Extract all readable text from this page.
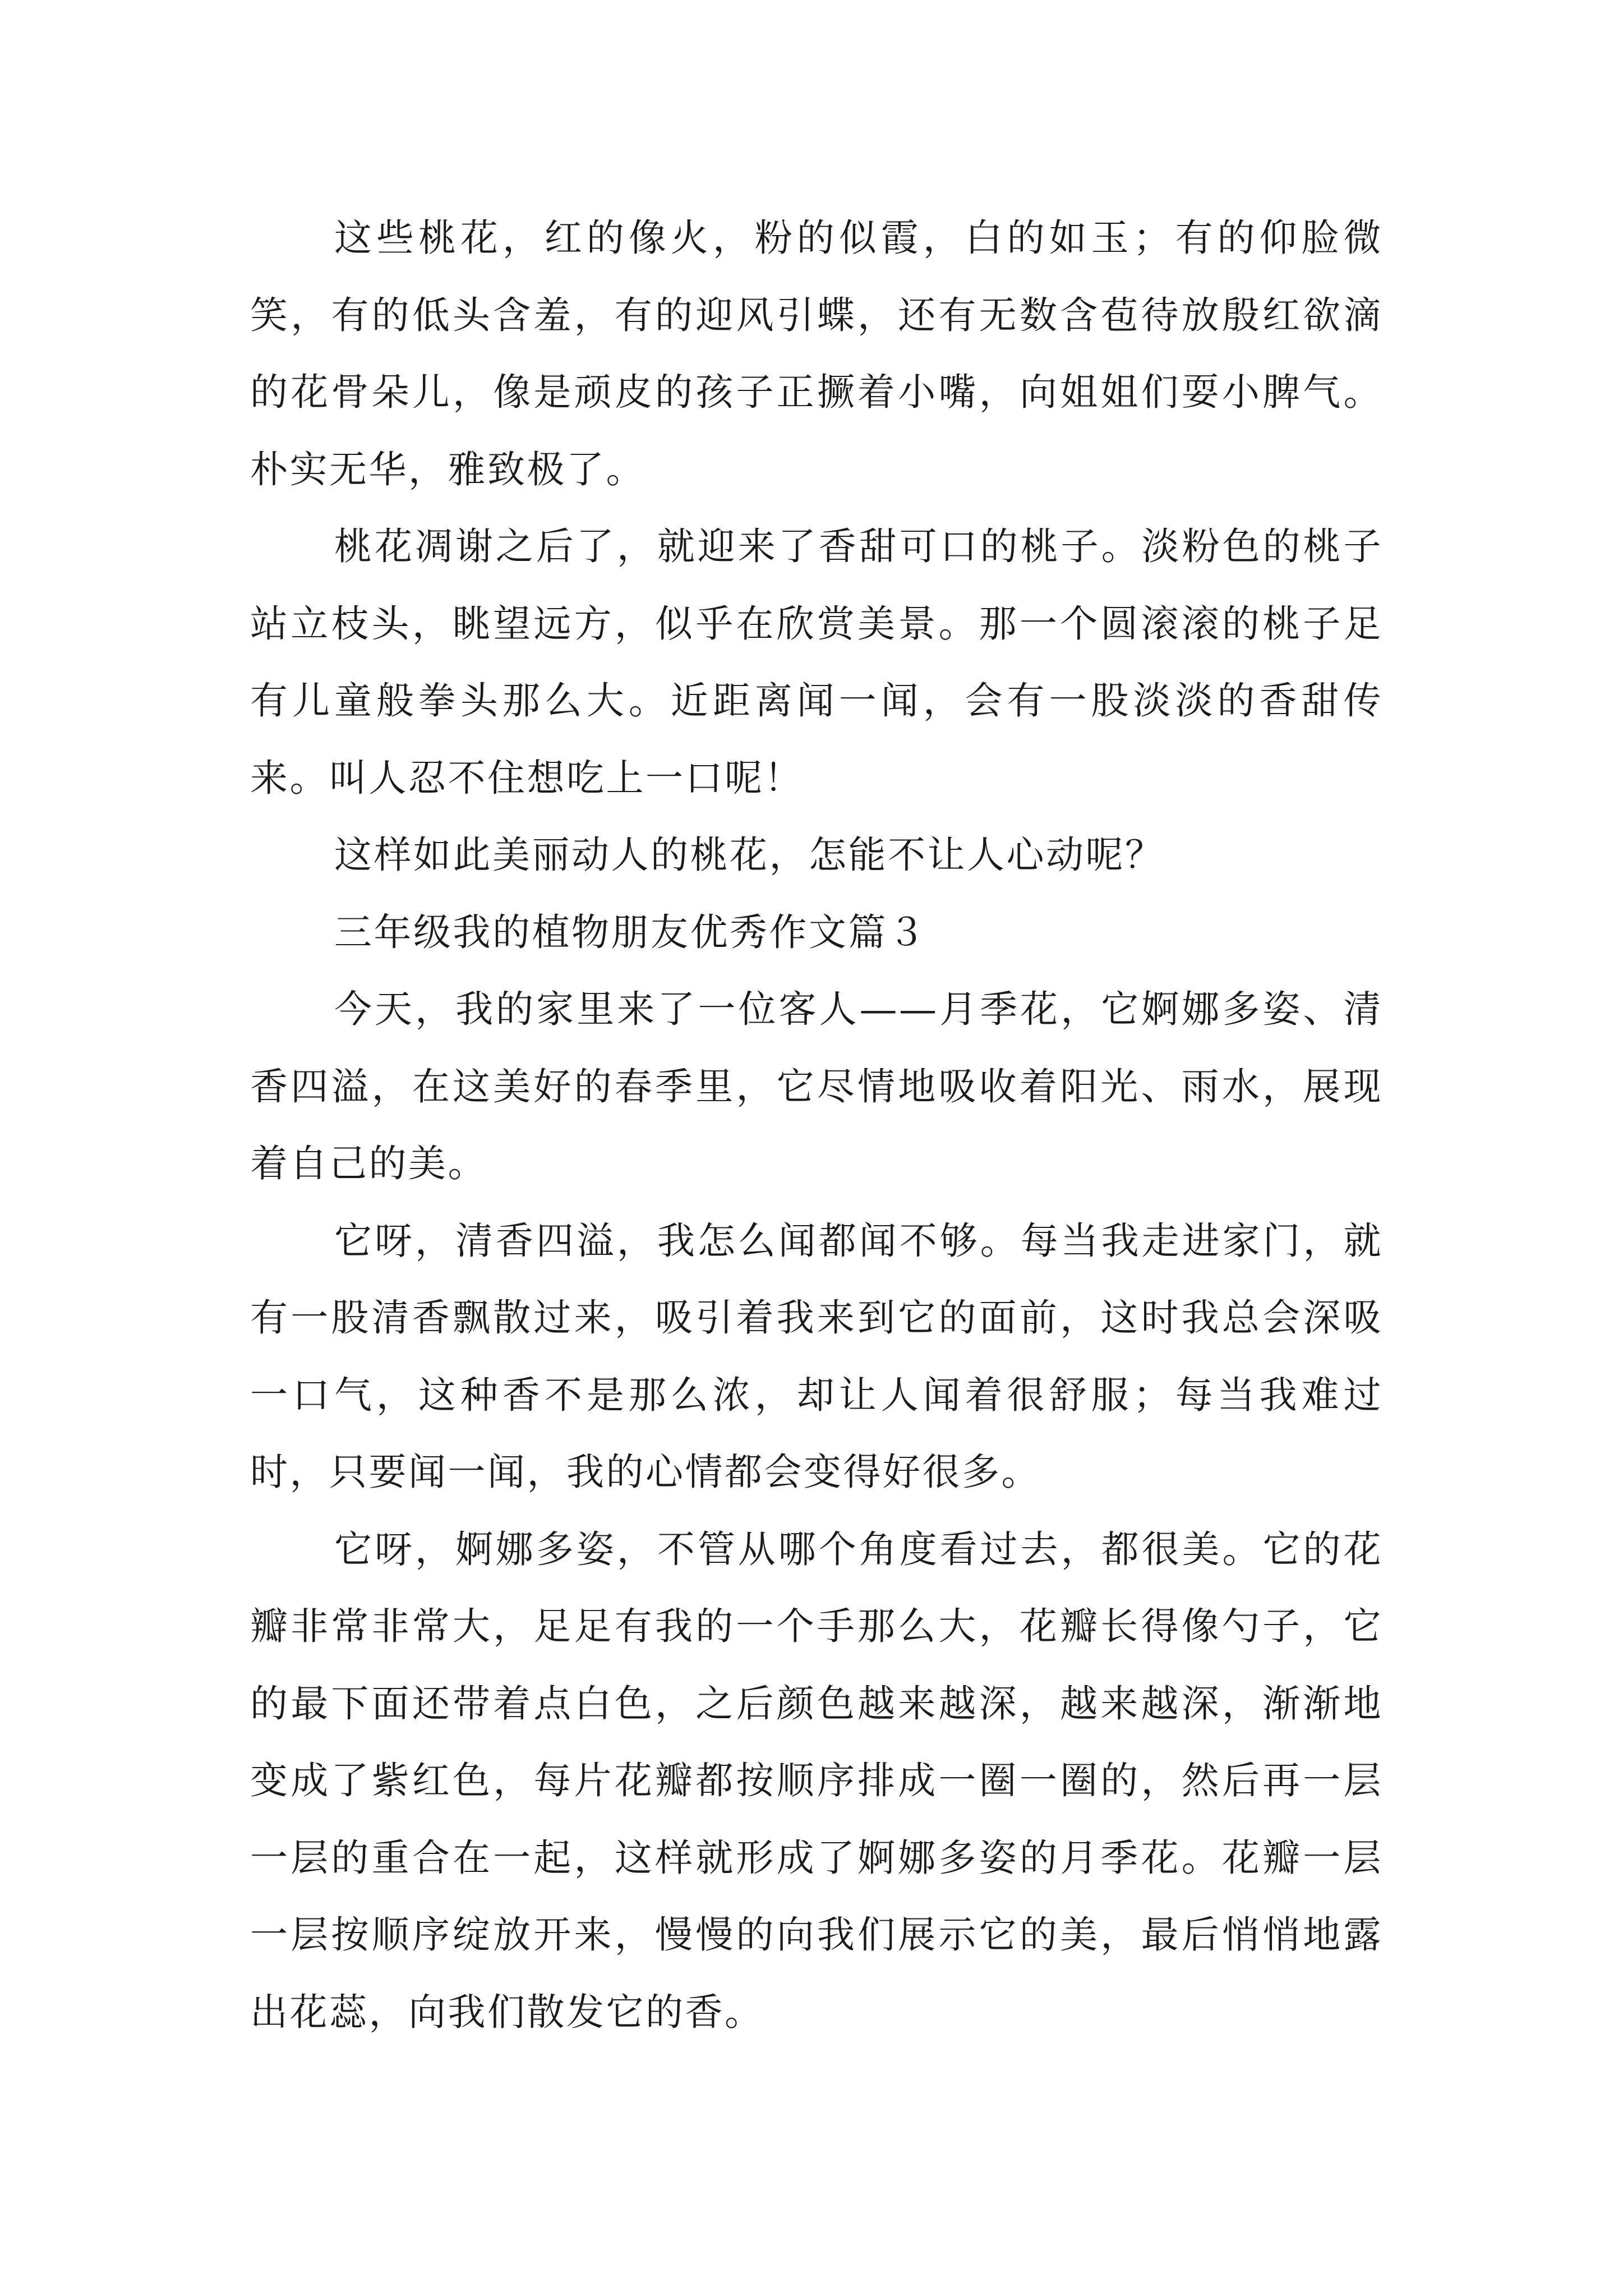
这些桃花，红的像火，粉的似霞，白的如玉；有的仰脸微笑，有的低头含羞，有的迎风引蝶，还有无数含苞待放殷红欲滴的花骨朵儿，像是顽皮的孩子正撅着小嘴，向姐姐们耍小脾气。朴实无华，雅致极了。

桃花凋谢之后了，就迎来了香甜可口的桃子。淡粉色的桃子站立枝头，眺望远方，似乎在欣赏美景。那一个圆滚滚的桃子足有儿童般拳头那么大。近距离闻一闻，会有一股淡淡的香甜传来。叫人忍不住想吃上一口呢！

这样如此美丽动人的桃花，怎能不让人心动呢？

三年级我的植物朋友优秀作文篇３

今天，我的家里来了一位客人——月季花，它婀娜多姿、清香四溢，在这美好的春季里，它尽情地吸收着阳光、雨水，展现着自己的美。

它呀，清香四溢，我怎么闻都闻不够。每当我走进家门，就有一股清香飘散过来，吸引着我来到它的面前，这时我总会深吸一口气，这种香不是那么浓，却让人闻着很舒服；每当我难过时，只要闻一闻，我的心情都会变得好很多。

它呀，婀娜多姿，不管从哪个角度看过去，都很美。它的花瓣非常非常大，足足有我的一个手那么大，花瓣长得像勺子，它的最下面还带着点白色，之后颜色越来越深，越来越深，渐渐地变成了紫红色，每片花瓣都按顺序排成一圈一圈的，然后再一层一层的重合在一起，这样就形成了婀娜多姿的月季花。花瓣一层一层按顺序绽放开来，慢慢的向我们展示它的美，最后悄悄地露出花蕊，向我们散发它的香。
